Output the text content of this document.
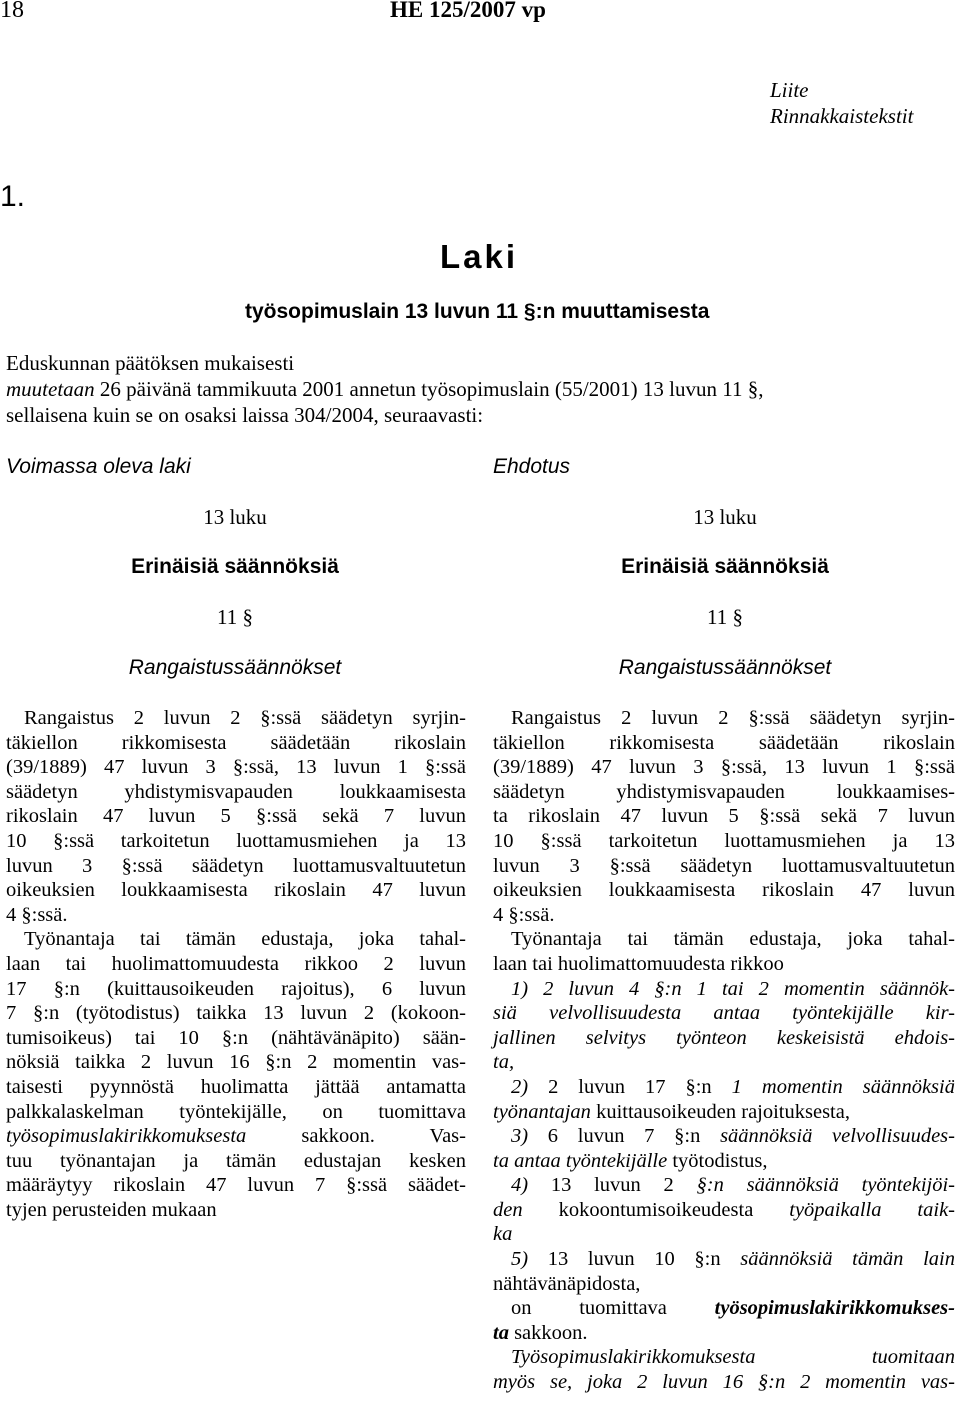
18	HE 125/2007 vp
Liite
Rinnakkaistekstit
1.
Laki
työsopimuslain 13 luvun 11 §:n muuttamisesta
Eduskunnan päätöksen mukaisesti
muutetaan 26 päivänä tammikuuta 2001 annetun työsopimuslain (55/2001) 13 luvun 11 §,
sellaisena kuin se on osaksi laissa 304/2004, seuraavasti:
Voimassa oleva laki	Ehdotus
13 luku
Erinäisiä säännöksiä
11 §
Rangaistussäännökset
13 luku
Erinäisiä säännöksiä
11 §
Rangaistussäännökset
Rangaistus 2 luvun 2 §:ssä säädetyn syrjin-
täkiellon rikkomisesta säädetään rikoslain
(39/1889) 47 luvun 3 §:ssä, 13 luvun 1 §:ssä
säädetyn yhdistymisvapauden loukkaamisesta
rikoslain 47 luvun 5 §:ssä sekä 7 luvun
10 §:ssä tarkoitetun luottamusmiehen ja 13
luvun 3 §:ssä säädetyn luottamusvaltuutetun
oikeuksien loukkaamisesta rikoslain 47 luvun
4 §:ssä.
Työnantaja tai tämän edustaja, joka tahal-
laan tai huolimattomuudesta rikkoo 2 luvun
17 §:n (kuittausoikeuden rajoitus), 6 luvun
7 §:n (työtodistus) taikka 13 luvun 2 (kokoon-
tumisoikeus) tai 10 §:n (nähtävänäpito) sään-
nöksiä taikka 2 luvun 16 §:n 2 momentin vas-
taisesti pyynnöstä huolimatta jättää antamatta
palkkalaskelman työntekijälle, on tuomittava
työsopimuslakirikkomuksesta sakkoon. Vas-
tuu työnantajan ja tämän edustajan kesken
määräytyy rikoslain 47 luvun 7 §:ssä säädet-
tyjen perusteiden mukaan
Rangaistus 2 luvun 2 §:ssä säädetyn syrjin-
täkiellon rikkomisesta säädetään rikoslain
(39/1889) 47 luvun 3 §:ssä, 13 luvun 1 §:ssä
säädetyn yhdistymisvapauden loukkaamises-
ta rikoslain 47 luvun 5 §:ssä sekä 7 luvun
10 §:ssä tarkoitetun luottamusmiehen ja 13
luvun 3 §:ssä säädetyn luottamusvaltuutetun
oikeuksien loukkaamisesta rikoslain 47 luvun
4 §:ssä.
Työnantaja tai tämän edustaja, joka tahal-
laan tai huolimattomuudesta rikkoo
1) 2 luvun 4 §:n 1 tai 2 momentin säännök-
siä velvollisuudesta antaa työntekijälle kir-
jallinen selvitys työnteon keskeisistä ehdois-
ta,
2) 2 luvun 17 §:n 1 momentin säännöksiä
työnantajan kuittausoikeuden rajoituksesta,
3) 6 luvun 7 §:n säännöksiä velvollisuudes-
ta antaa työntekijälle työtodistus,
4) 13 luvun 2 §:n säännöksiä työntekijöi-
den kokoontumisoikeudesta työpaikalla taik-
ka
5) 13 luvun 10 §:n säännöksiä tämän lain
nähtävänäpidosta,
on tuomittava työsopimuslakirikkomukses-
ta sakkoon.
Työsopimuslakirikkomuksesta tuomitaan
myös se, joka 2 luvun 16 §:n 2 momentin vas-
